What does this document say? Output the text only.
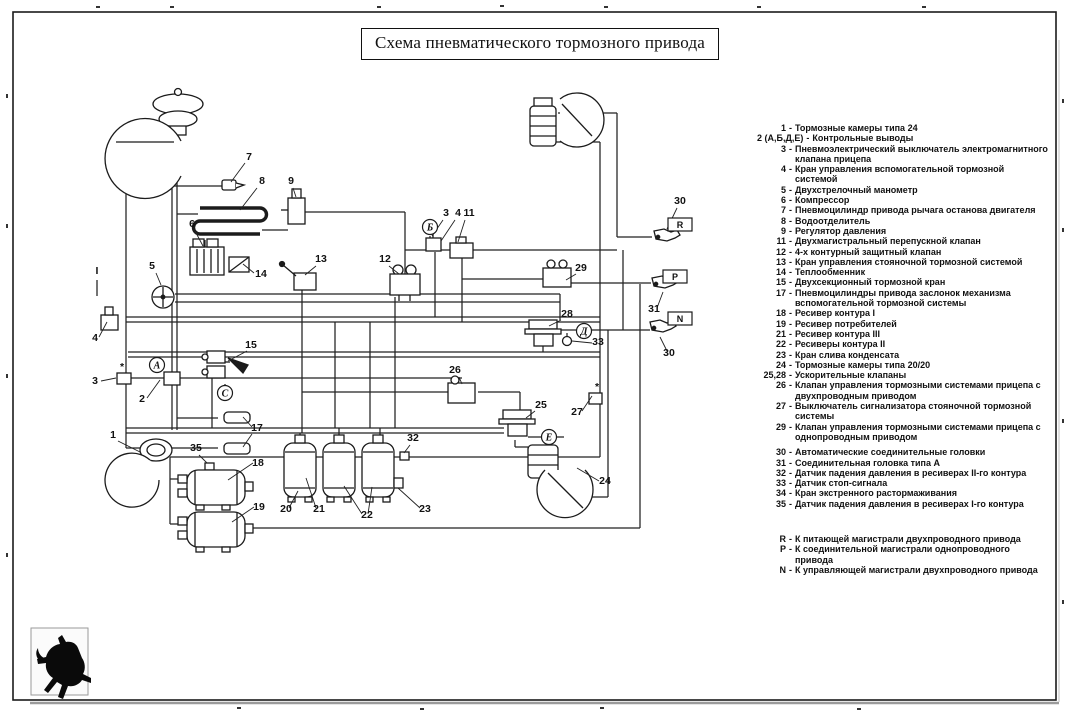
1
7
8 9
6
14
5
I
4
3
2
13	12
3 4 11
15
29
26
28
25
27
24
17
18
19 20 21	22	23
30
31
30
32
33
35
*
*
А
Б
С
Д
Е
R
P
N
Схема пневматического тормозного привода
1 - Тормозные камеры типа 24
2 (А,Б,Д,Е) - Контрольные выводы
3 - Пневмоэлектрический выключатель электромагнитного клапана прицепа
4 - Кран управления вспомогательной тормозной системой
5 - Двухстрелочный манометр
6 - Компрессор
7 - Пневмоцилиндр привода рычага останова двигателя
8 - Водоотделитель
9 - Регулятор давления
11 - Двухмагистральный перепускной клапан
12 - 4-х контурный защитный клапан
13 - Кран управления стояночной тормозной системой
14 - Теплообменник
15 - Двухсекционный тормозной кран
17 - Пневмоцилиндры привода заслонок механизма вспомогательной тормозной системы
18 - Ресивер контура I
19 - Ресивер потребителей
21 - Ресивер контура III
22 - Ресиверы контура II
23 - Кран слива конденсата
24 - Тормозные камеры типа 20/20
25,28 - Ускорительные клапаны
26 - Клапан управления тормозными системами прицепа с двухпроводным приводом
27 - Выключатель сигнализатора стояночной тормозной системы
29 - Клапан управления тормозными системами прицепа с однопроводным приводом
30 - Автоматические соединительные головки
31 - Соединительная головка типа А
32 - Датчик падения давления в ресиверах II-го контура
33 - Датчик стоп-сигнала
34 - Кран экстренного растормаживания
35 - Датчик падения давления в ресиверах I-го контура
R - К питающей магистрали двухпроводного привода
P - К соединительной магистрали однопроводного привода
N - К управляющей магистрали двухпроводного привода
